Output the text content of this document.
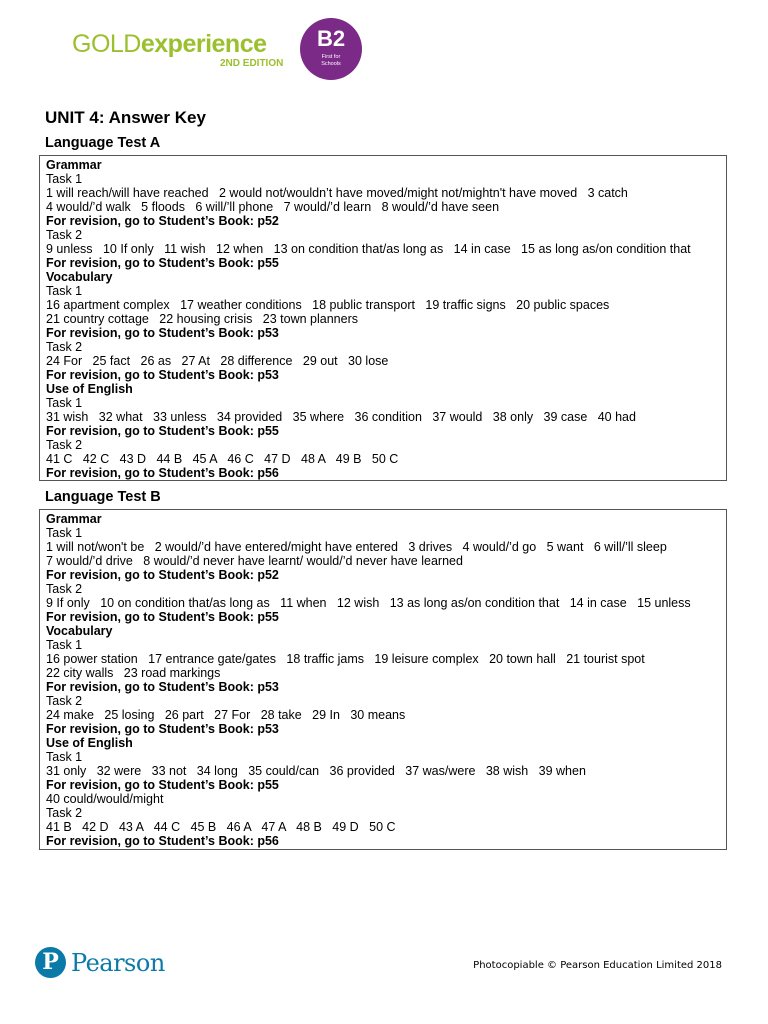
GOLDexperience
2ND EDITION
B2
First for
Schools
UNIT 4: Answer Key
Language Test A
Grammar
Task 1
1 will reach/will have reached   2 would not/wouldn’t have moved/might not/mightn't have moved   3 catch
4 would/’d walk   5 floods   6 will/’ll phone   7 would/’d learn   8 would/’d have seen
For revision, go to Student’s Book: p52
Task 2
9 unless   10 If only   11 wish   12 when   13 on condition that/as long as   14 in case   15 as long as/on condition that
For revision, go to Student’s Book: p55
Vocabulary
Task 1
16 apartment complex   17 weather conditions   18 public transport   19 traffic signs   20 public spaces
21 country cottage   22 housing crisis   23 town planners
For revision, go to Student’s Book: p53
Task 2
24 For   25 fact   26 as   27 At   28 difference   29 out   30 lose
For revision, go to Student’s Book: p53
Use of English
Task 1
31 wish   32 what   33 unless   34 provided   35 where   36 condition   37 would   38 only   39 case   40 had
For revision, go to Student’s Book: p55
Task 2
41 C   42 C   43 D   44 B   45 A   46 C   47 D   48 A   49 B   50 C
For revision, go to Student’s Book: p56
Language Test B
Grammar
Task 1
1 will not/won't be   2 would/’d have entered/might have entered   3 drives   4 would/’d go   5 want   6 will/’ll sleep
7 would/’d drive   8 would/’d never have learnt/ would/’d never have learned
For revision, go to Student’s Book: p52
Task 2
9 If only   10 on condition that/as long as   11 when   12 wish   13 as long as/on condition that   14 in case   15 unless
For revision, go to Student’s Book: p55
Vocabulary
Task 1
16 power station   17 entrance gate/gates   18 traffic jams   19 leisure complex   20 town hall   21 tourist spot
22 city walls   23 road markings
For revision, go to Student’s Book: p53
Task 2
24 make   25 losing   26 part   27 For   28 take   29 In   30 means
For revision, go to Student’s Book: p53
Use of English
Task 1
31 only   32 were   33 not   34 long   35 could/can   36 provided   37 was/were   38 wish   39 when
For revision, go to Student’s Book: p55
40 could/would/might
Task 2
41 B   42 D   43 A   44 C   45 B   46 A   47 A   48 B   49 D   50 C
For revision, go to Student’s Book: p56
P Pearson	Photocopiable © Pearson Education Limited 2018
